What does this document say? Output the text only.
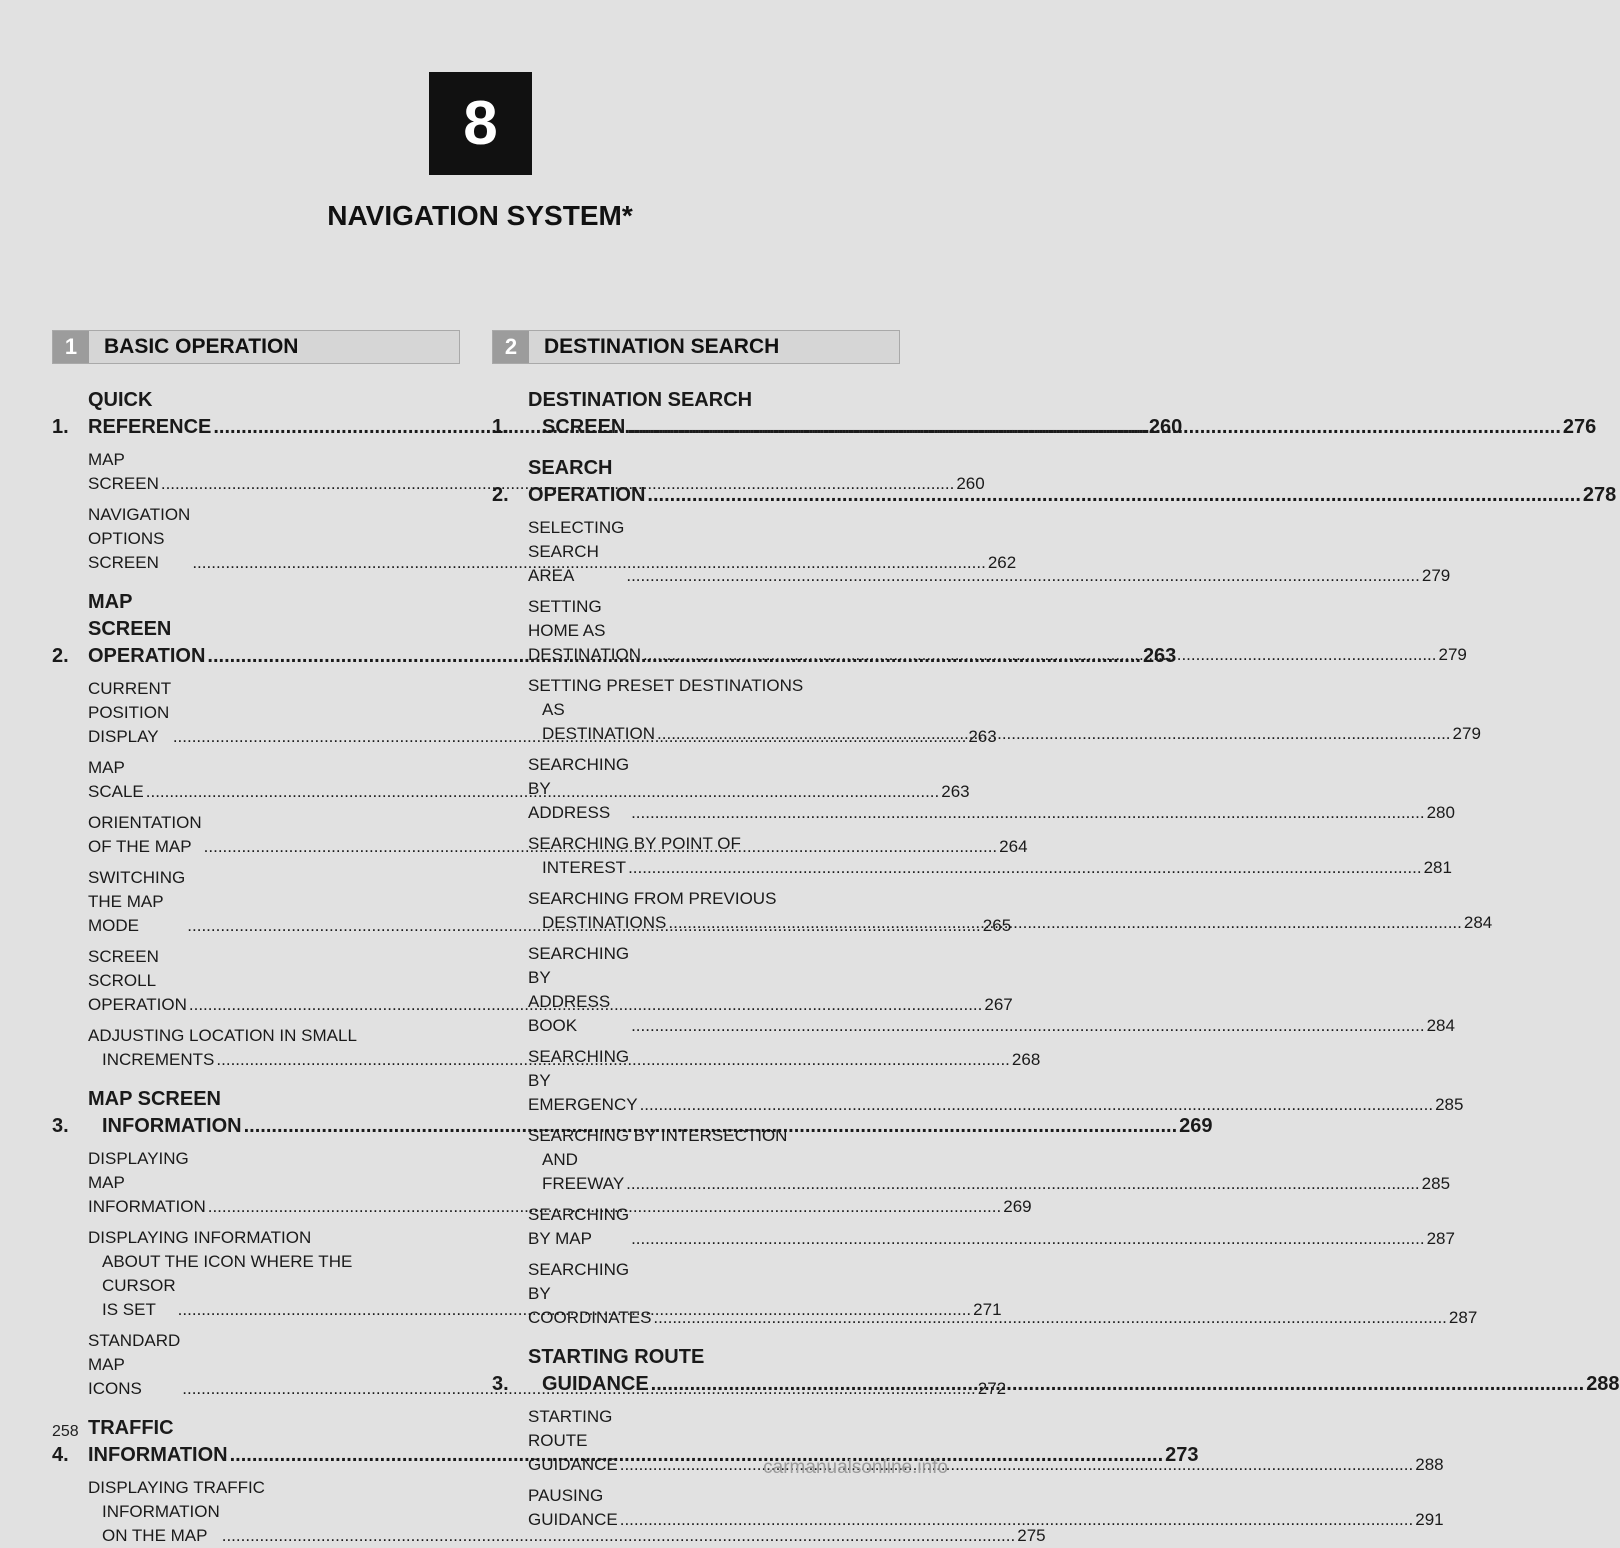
8
NAVIGATION SYSTEM*
1	BASIC OPERATION
1.
QUICK REFERENCE .....	260
MAP SCREEN .....	260
NAVIGATION OPTIONS SCREEN .....	262
2.
MAP SCREEN OPERATION .....	263
CURRENT POSITION DISPLAY .....	263
MAP SCALE .....	263
ORIENTATION OF THE MAP .....	264
SWITCHING THE MAP MODE .....	265
SCREEN SCROLL OPERATION .....	267
ADJUSTING LOCATION IN SMALL
INCREMENTS .....	268
3.
MAP SCREEN
INFORMATION .....	269
DISPLAYING MAP INFORMATION .....	269
DISPLAYING INFORMATION
ABOUT THE ICON WHERE THE
CURSOR IS SET .....	271
STANDARD MAP ICONS .....	272
4.
TRAFFIC INFORMATION .....	273
DISPLAYING TRAFFIC
INFORMATION ON THE MAP .....	275
2	DESTINATION SEARCH
1.
DESTINATION SEARCH
SCREEN .....	276
2.
SEARCH OPERATION .....	278
SELECTING SEARCH AREA .....	279
SETTING HOME AS DESTINATION .....	279
SETTING PRESET DESTINATIONS
AS DESTINATION .....	279
SEARCHING BY ADDRESS .....	280
SEARCHING BY POINT OF
INTEREST .....	281
SEARCHING FROM PREVIOUS
DESTINATIONS .....	284
SEARCHING BY ADDRESS BOOK .....	284
SEARCHING BY EMERGENCY .....	285
SEARCHING BY INTERSECTION
AND FREEWAY .....	285
SEARCHING BY MAP .....	287
SEARCHING BY COORDINATES .....	287
3.
STARTING ROUTE
GUIDANCE .....	288
STARTING ROUTE GUIDANCE .....	288
PAUSING GUIDANCE .....	291
258
carmanualsonline.info
